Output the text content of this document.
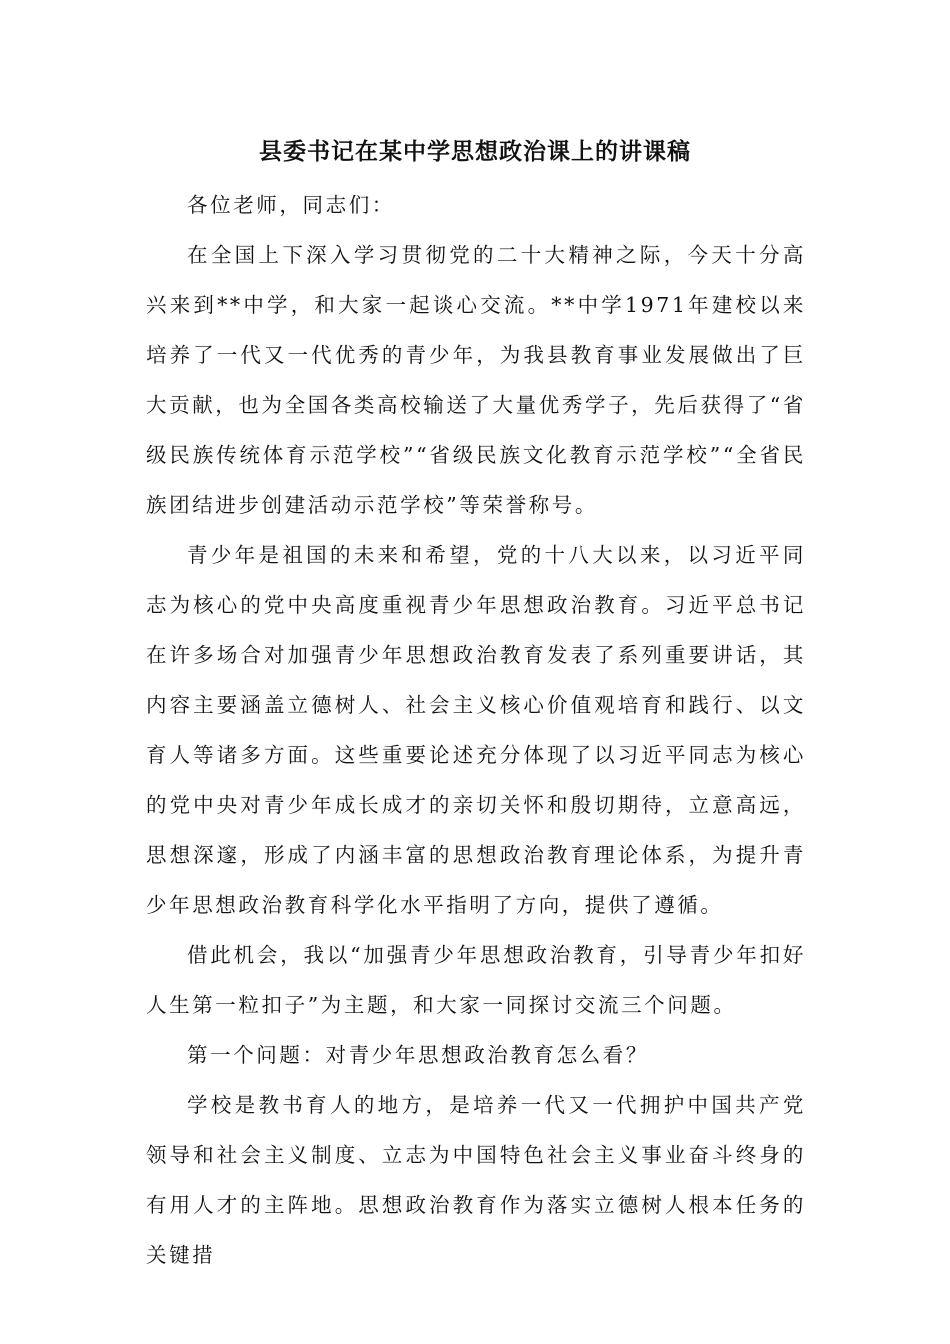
县委书记在某中学思想政治课上的讲课稿

各位老师，同志们：

在全国上下深入学习贯彻党的二十大精神之际，今天十分高兴来到**中学，和大家一起谈心交流。**中学1971年建校以来培养了一代又一代优秀的青少年，为我县教育事业发展做出了巨大贡献，也为全国各类高校输送了大量优秀学子，先后获得了“省级民族传统体育示范学校”“省级民族文化教育示范学校”“全省民族团结进步创建活动示范学校”等荣誉称号。

青少年是祖国的未来和希望，党的十八大以来，以习近平同志为核心的党中央高度重视青少年思想政治教育。习近平总书记在许多场合对加强青少年思想政治教育发表了系列重要讲话，其内容主要涵盖立德树人、社会主义核心价值观培育和践行、以文育人等诸多方面。这些重要论述充分体现了以习近平同志为核心的党中央对青少年成长成才的亲切关怀和殷切期待，立意高远，思想深邃，形成了内涵丰富的思想政治教育理论体系，为提升青少年思想政治教育科学化水平指明了方向，提供了遵循。

借此机会，我以“加强青少年思想政治教育，引导青少年扣好人生第一粒扣子”为主题，和大家一同探讨交流三个问题。

第一个问题：对青少年思想政治教育怎么看？

学校是教书育人的地方，是培养一代又一代拥护中国共产党领导和社会主义制度、立志为中国特色社会主义事业奋斗终身的有用人才的主阵地。思想政治教育作为落实立德树人根本任务的关键措
